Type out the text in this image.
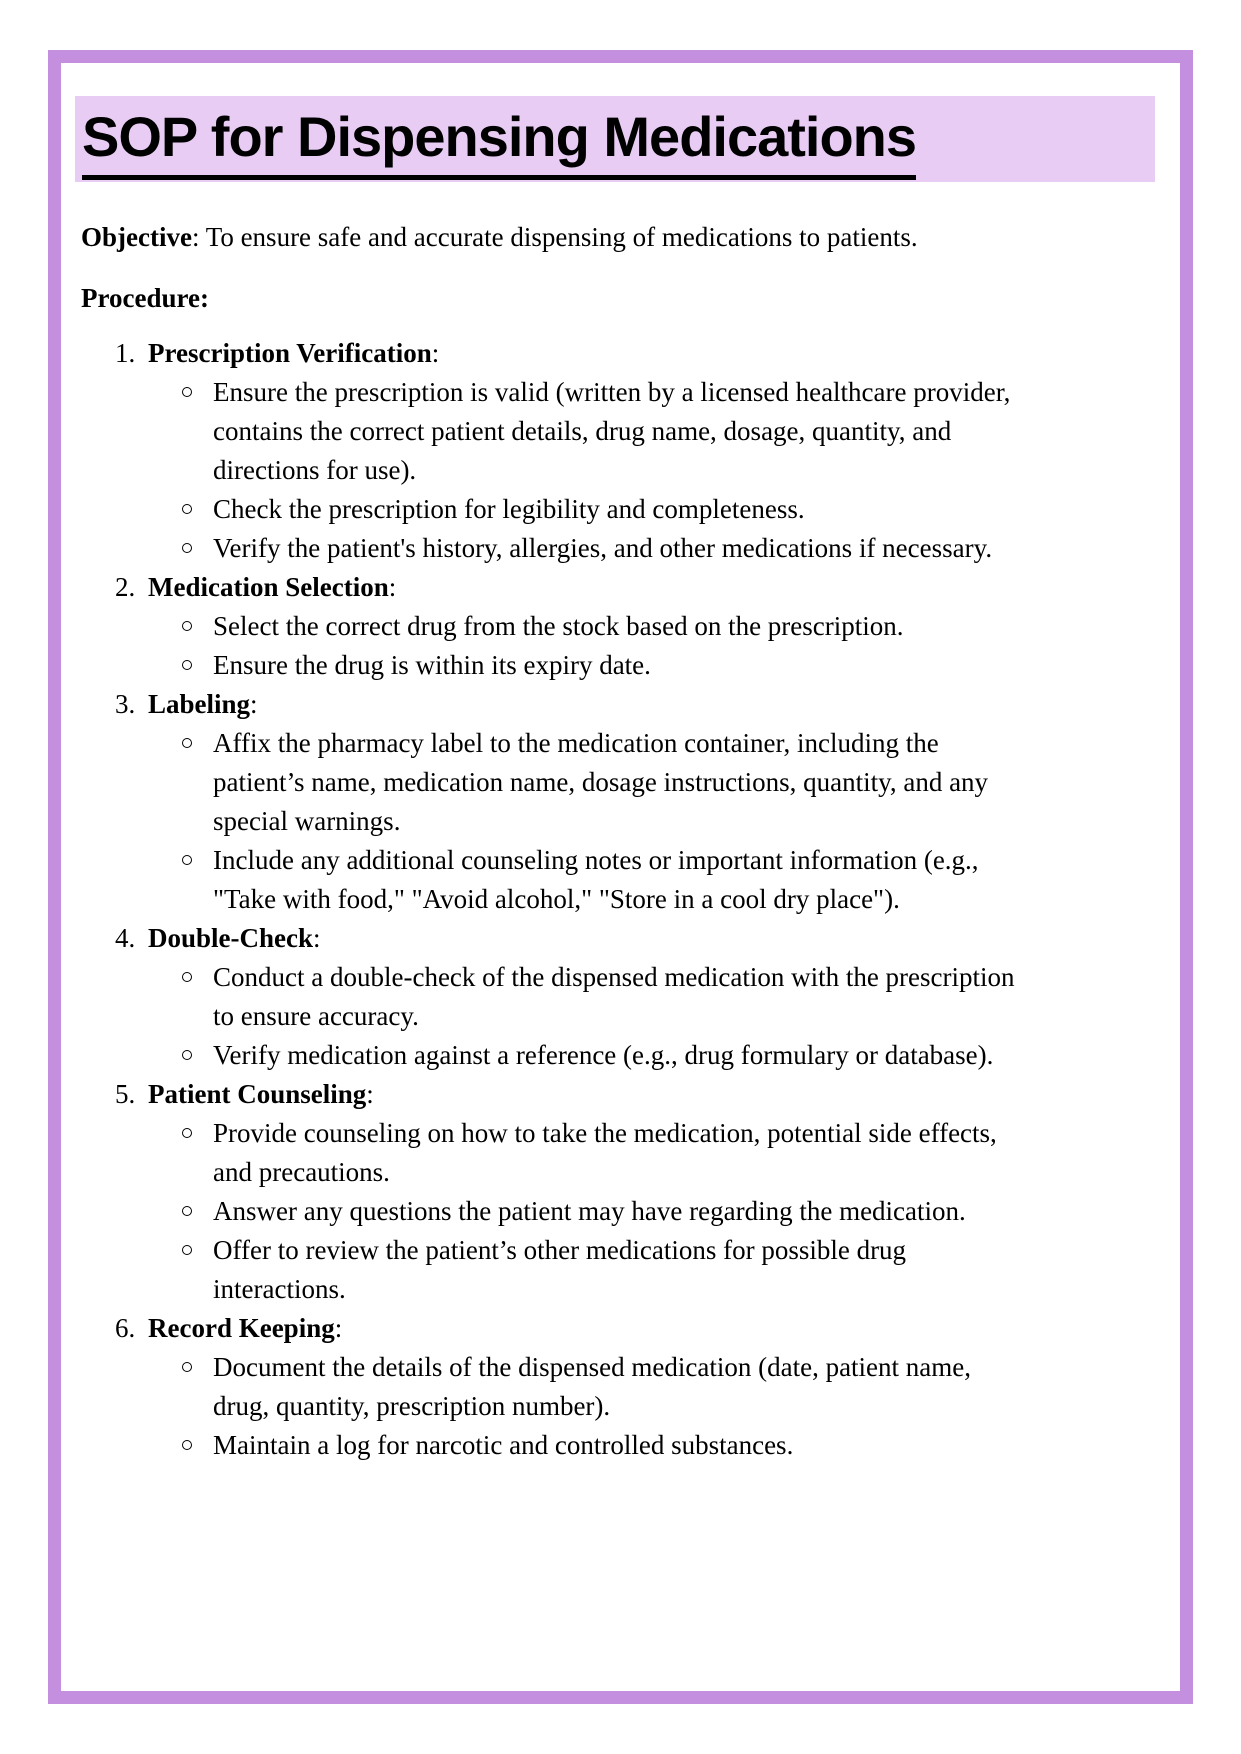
SOP for Dispensing Medications

Objective: To ensure safe and accurate dispensing of medications to patients.

Procedure:

1. Prescription Verification:
Ensure the prescription is valid (written by a licensed healthcare provider, contains the correct patient details, drug name, dosage, quantity, and directions for use).
Check the prescription for legibility and completeness.
Verify the patient's history, allergies, and other medications if necessary.
2. Medication Selection:
Select the correct drug from the stock based on the prescription.
Ensure the drug is within its expiry date.
3. Labeling:
Affix the pharmacy label to the medication container, including the patient’s name, medication name, dosage instructions, quantity, and any special warnings.
Include any additional counseling notes or important information (e.g., "Take with food," "Avoid alcohol," "Store in a cool dry place").
4. Double-Check:
Conduct a double-check of the dispensed medication with the prescription to ensure accuracy.
Verify medication against a reference (e.g., drug formulary or database).
5. Patient Counseling:
Provide counseling on how to take the medication, potential side effects, and precautions.
Answer any questions the patient may have regarding the medication.
Offer to review the patient’s other medications for possible drug interactions.
6. Record Keeping:
Document the details of the dispensed medication (date, patient name, drug, quantity, prescription number).
Maintain a log for narcotic and controlled substances.
